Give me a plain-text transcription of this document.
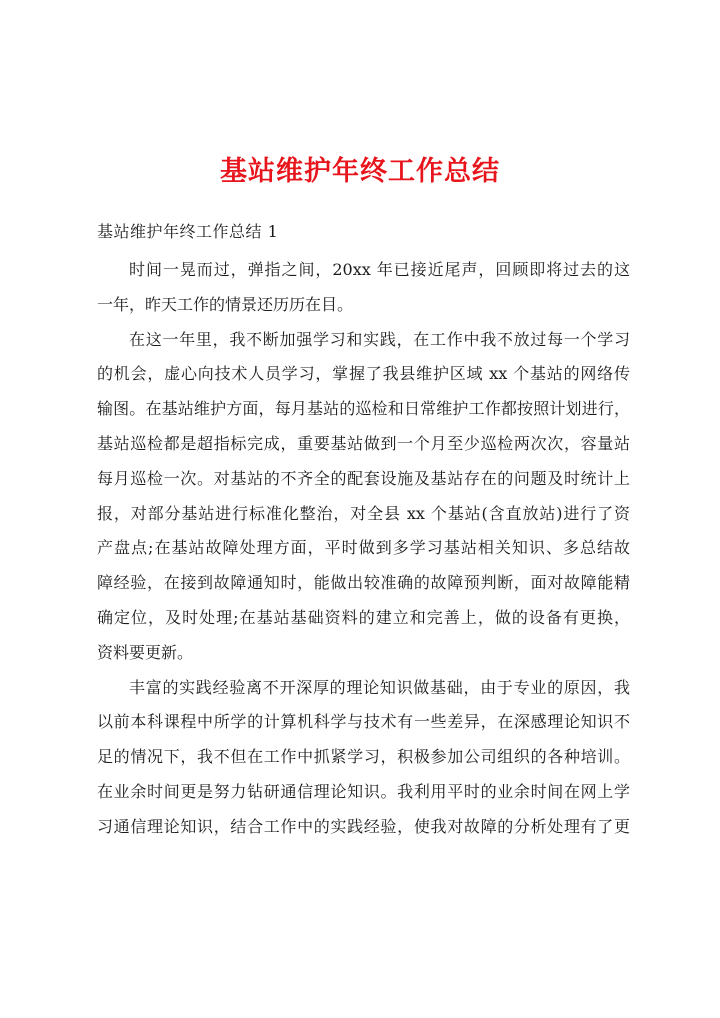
基站维护年终工作总结
基站维护年终工作总结 1
时间一晃而过，弹指之间，20xx 年已接近尾声，回顾即将过去的这
一年，昨天工作的情景还历历在目。
在这一年里，我不断加强学习和实践，在工作中我不放过每一个学习
的机会，虚心向技术人员学习，掌握了我县维护区域 xx 个基站的网络传
输图。在基站维护方面，每月基站的巡检和日常维护工作都按照计划进行，
基站巡检都是超指标完成，重要基站做到一个月至少巡检两次次，容量站
每月巡检一次。对基站的不齐全的配套设施及基站存在的问题及时统计上
报，对部分基站进行标准化整治，对全县 xx 个基站(含直放站)进行了资
产盘点;在基站故障处理方面，平时做到多学习基站相关知识、多总结故
障经验，在接到故障通知时，能做出较准确的故障预判断，面对故障能精
确定位，及时处理;在基站基础资料的建立和完善上，做的设备有更换，
资料要更新。
丰富的实践经验离不开深厚的理论知识做基础，由于专业的原因，我
以前本科课程中所学的计算机科学与技术有一些差异，在深感理论知识不
足的情况下，我不但在工作中抓紧学习，积极参加公司组织的各种培训。
在业余时间更是努力钻研通信理论知识。我利用平时的业余时间在网上学
习通信理论知识，结合工作中的实践经验，使我对故障的分析处理有了更
